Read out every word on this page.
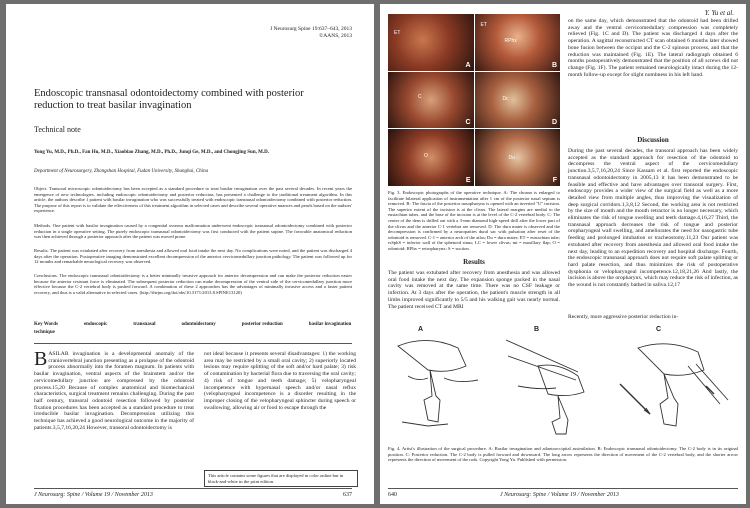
J Neurosurg Spine 19:637–643, 2013
©AANS, 2013
Endoscopic transnasal odontoidectomy combined with posterior reduction to treat basilar invagination
Technical note
Yong Yu, M.D., Ph.D., Fan Hu, M.D., Xiaobiao Zhang, M.D., Ph.D., Junqi Ge, M.D., and Chongjing Sun, M.D.
Department of Neurosurgery, Zhongshan Hospital, Fudan University, Shanghai, China
Object. Transoral microscopic odontoidectomy has been accepted as a standard procedure to treat basilar invagination over the past several decades. In recent years the emergence of new technologies, including endoscopic odontoidectomy and posterior reduction, has presented a challenge to the traditional treatment algorithm. In this article, the authors describe 1 patient with basilar invagination who was successfully treated with endoscopic transnasal odontoidectomy combined with posterior reduction. The purpose of this report is to validate the effectiveness of this treatment algorithm in selected cases and describe several operative nuances and pearls based on the authors' experience.
Methods. One patient with basilar invagination caused by a congenital osseous malformation underwent endoscopic transnasal odontoidectomy combined with posterior reduction in a single operative setting. The purely endoscopic transnasal odontoidectomy was first conducted with the patient supine. The favorable anatomical reduction was then achieved through a posterior approach after the patient was moved prone.
Results. The patient was extubated after recovery from anesthesia and allowed oral food intake the next day. No complications were noted, and the patient was discharged 4 days after the operation. Postoperative imaging demonstrated excellent decompression of the anterior cervicomedullary junction pathology. The patient was followed up for 12 months and remarkable neurological recovery was observed.
Conclusions. The endoscopic transnasal odontoidectomy is a better minimally invasive approach for anterior decompression and can make the posterior reduction easier because the anterior resistant force is eliminated. The subsequent posterior reduction can make decompression of the ventral side of the cervicomedullary junction more effective because the C-2 vertebral body is pushed forward. A combination of these 2 approaches has the advantages of minimally invasive access and a faster patient recovery, and thus is a valid alternative in selected cases. (http://thejns.org/doi/abs/10.3171/2013.8.SPINE13120)
Key Words	endoscopic	transnasal	odontoidectomy	posterior reduction	basilar invagination
technique
BASILAR invagination is a developmental anomaly of the craniovertebral junction presenting as a prolapse of the odontoid process abnormally into the foramen magnum. In patients with basilar invagination, ventral aspects of the brainstem and/or the cervicomedullary junction are compressed by the odontoid process.15,20 Because of complex anatomical and biomechanical characteristics, surgical treatment remains challenging. During the past half century, transoral odontoid resection followed by posterior fixation procedures has been accepted as a standard procedure to treat irreducible basilar invagination. Decompression utilizing this technique has achieved a good neurological outcome in the majority of patients.3,5,7,16,20,24 However, transoral odontoidectomy is
not ideal because it presents several disadvantages: 1) the working area may be restricted by a small oral cavity; 2) superiorly located lesions may require splitting of the soft and/or hard palate; 3) risk of contamination by bacterial flora due to traversing the oral cavity; 4) risk of tongue and teeth damage; 5) velopharyngeal incompetence with hypernasal speech and/or nasal reflux (velopharyngeal incompetence is a disorder resulting in the improper closing of the velopharyngeal sphincter during speech or swallowing, allowing air or food to escape through the
This article contains some figures that are displayed in color online but in black-and-white in the print edition.
J Neurosurg: Spine / Volume 19 / November 2013	637
Y. Yu et al.
ET
A
RPhx
ET
B
C
C
Dc
D
O
E
Du
F
Fig. 3. Endoscopic photographs of the operative technique. A: The choana is enlarged to facilitate bilateral application of instrumentation after 1 cm of the posterior nasal septum is removed. B: The fascia of the posterior nasopharynx is opened with an inverted "U" incision. The superior extent of the incision is at the clivus. The lateral margins are medial to the eustachian tubes, and the base of the incision is at the level of the C-2 vertebral body. C: The center of the dens is drilled out with a 3-mm diamond high-speed drill after the lower part of the clivus and the anterior C-1 vertebra are removed. D: The dura mater is observed and the decompression is confirmed by a neuropatties dural sac with pulsation after reset of the odontoid is removed. C-1 = anterior arch of the atlas; Du = dura mater; ET = eustachian tube; rsSphS = inferior wall of the sphenoid sinus; LC = lower clivus; mt = maxillary flap; O = odontoid; RPhx = retropharynx; S = suction.
Results
The patient was extubated after recovery from anesthesia and was allowed oral food intake the next day. The expansion sponge packed in the nasal cavity was removed at the same time. There was no CSF leakage or infection. At 3 days after the operation, the patient's muscle strength in all limbs improved significantly to 5/5 and his walking gait was nearly normal. The patient received CT and MRI
on the same day, which demonstrated that the odontoid had been drilled away and the ventral cervicomedullary compression was completely relieved (Fig. 1C and D). The patient was discharged 4 days after the operation. A sagittal reconstructed CT scan obtained 6 months later showed bone fusion between the occiput and the C-2 spinous process, and that the reduction was maintained (Fig. 1E). The lateral radiograph obtained 6 months postoperatively demonstrated that the position of all screws did not change (Fig. 1F). The patient remained neurologically intact during the 12-month follow-up except for slight numbness in his left hand.
Discussion
During the past several decades, the transoral approach has been widely accepted as the standard approach for resection of the odontoid to decompress the ventral aspect of the cervicomedullary junction.3,5,7,16,20,24 Since Kassam et al. first reported the endoscopic transnasal odontoidectomy in 2005,13 it has been demonstrated to be feasible and effective and have advantages over transoral surgery. First, endoscopy provides a wider view of the surgical field as well as a more detailed view from multiple angles, thus improving the visualization of deep surgical corridors.1,3,8,12 Second, the working area is not restricted by the size of mouth and the mouth retractor is no longer necessary, which eliminates the risk of tongue swelling and teeth damage.4,16,27 Third, the transnasal approach decreases the risk of tongue and posterior oropharyngeal wall swelling, and ameliorates the need for nasogastric tube feeding and prolonged intubation or tracheostomy.11,23 Our patient was extubated after recovery from anesthesia and allowed oral food intake the next day, leading to an expedition recovery and hospital discharge. Fourth, the endoscopic transnasal approach does not require soft palate splitting or hard palate resection, and thus minimizes the risk of postoperative dysphonia or velopharyngeal incompetence.12,18,21,26 And lastly, the incision is above the oropharynx, which may reduce the risk of infection, as the wound is not constantly bathed in saliva.12,17
Recently, more aggressive posterior reduction in-
A	B	C
Fig. 4. Artist's illustration of the surgical procedure. A: Basilar invagination and atlantooccipital assimilation. B: Endoscopic transnasal odontoidectomy. The C-2 body is in its original position. C: Posterior reduction. The C-2 body is pulled forward and downward. The long arrow represents the direction of movement of the C-2 vertebral body, and the shorter arrow represents the direction of movement of the rods. Copyright Yong Yu. Published with permission.
640	J Neurosurg: Spine / Volume 19 / November 2013
